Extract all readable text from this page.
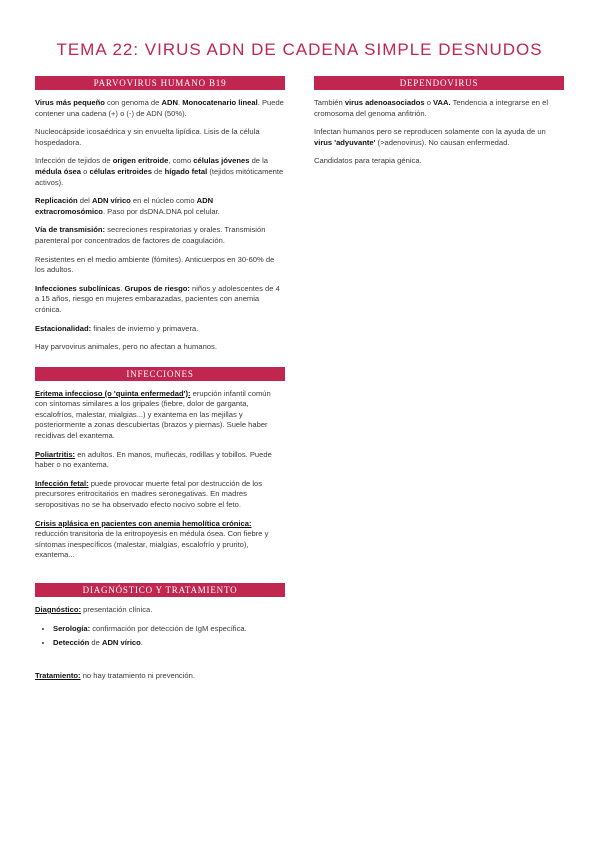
TEMA 22: VIRUS ADN DE CADENA SIMPLE DESNUDOS
PARVOVIRUS HUMANO B19

Virus más pequeño con genoma de ADN. Monocatenario lineal. Puede contener una cadena (+) o (-) de ADN (50%).

Nucleocápside icosaédrica y sin envuelta lipídica. Lisis de la célula hospedadora.

Infección de tejidos de origen eritroide, como células jóvenes de la médula ósea o células eritroides de hígado fetal (tejidos mitóticamente activos).

Replicación del ADN vírico en el núcleo como ADN extracromosómico. Paso por dsDNA.DNA pol celular.

Vía de transmisión: secreciones respiratorias y orales. Transmisión parenteral por concentrados de factores de coagulación.

Resistentes en el medio ambiente (fómites). Anticuerpos en 30-60% de los adultos.

Infecciones subclínicas. Grupos de riesgo: niños y adolescentes de 4 a 15 años, riesgo en mujeres embarazadas, pacientes con anemia crónica.

Estacionalidad: finales de invierno y primavera.

Hay parvovirus animales, pero no afectan a humanos.

INFECCIONES

Eritema infeccioso (o 'quinta enfermedad'): erupción infantil común con síntomas similares a los gripales (fiebre, dolor de garganta, escalofríos, malestar, mialgias...) y exantema en las mejillas y posteriormente a zonas descubiertas (brazos y piernas). Suele haber recidivas del exantema.

Poliartritis: en adultos. En manos, muñecas, rodillas y tobillos. Puede haber o no exantema.

Infección fetal: puede provocar muerte fetal por destrucción de los precursores eritrocitarios en madres seronegativas. En madres seropositivas no se ha observado efecto nocivo sobre el feto.

Crisis aplásica en pacientes con anemia hemolítica crónica: reducción transitoria de la eritropoyesis en médula ósea. Con fiebre y síntomas inespecíficos (malestar, mialgias, escalofrío y prurito), exantema...

DIAGNÓSTICO Y TRATAMIENTO

Diagnóstico: presentación clínica.

• Serología: confirmación por detección de IgM específica.
• Detección de ADN vírico.

Tratamiento: no hay tratamiento ni prevención.

DEPENDOVIRUS

También virus adenoasociados o VAA. Tendencia a integrarse en el cromosoma del genoma anfitrión.

Infectan humanos pero se reproducen solamente con la ayuda de un virus 'adyuvante' (>adenovirus). No causan enfermedad.

Candidatos para terapia génica.
